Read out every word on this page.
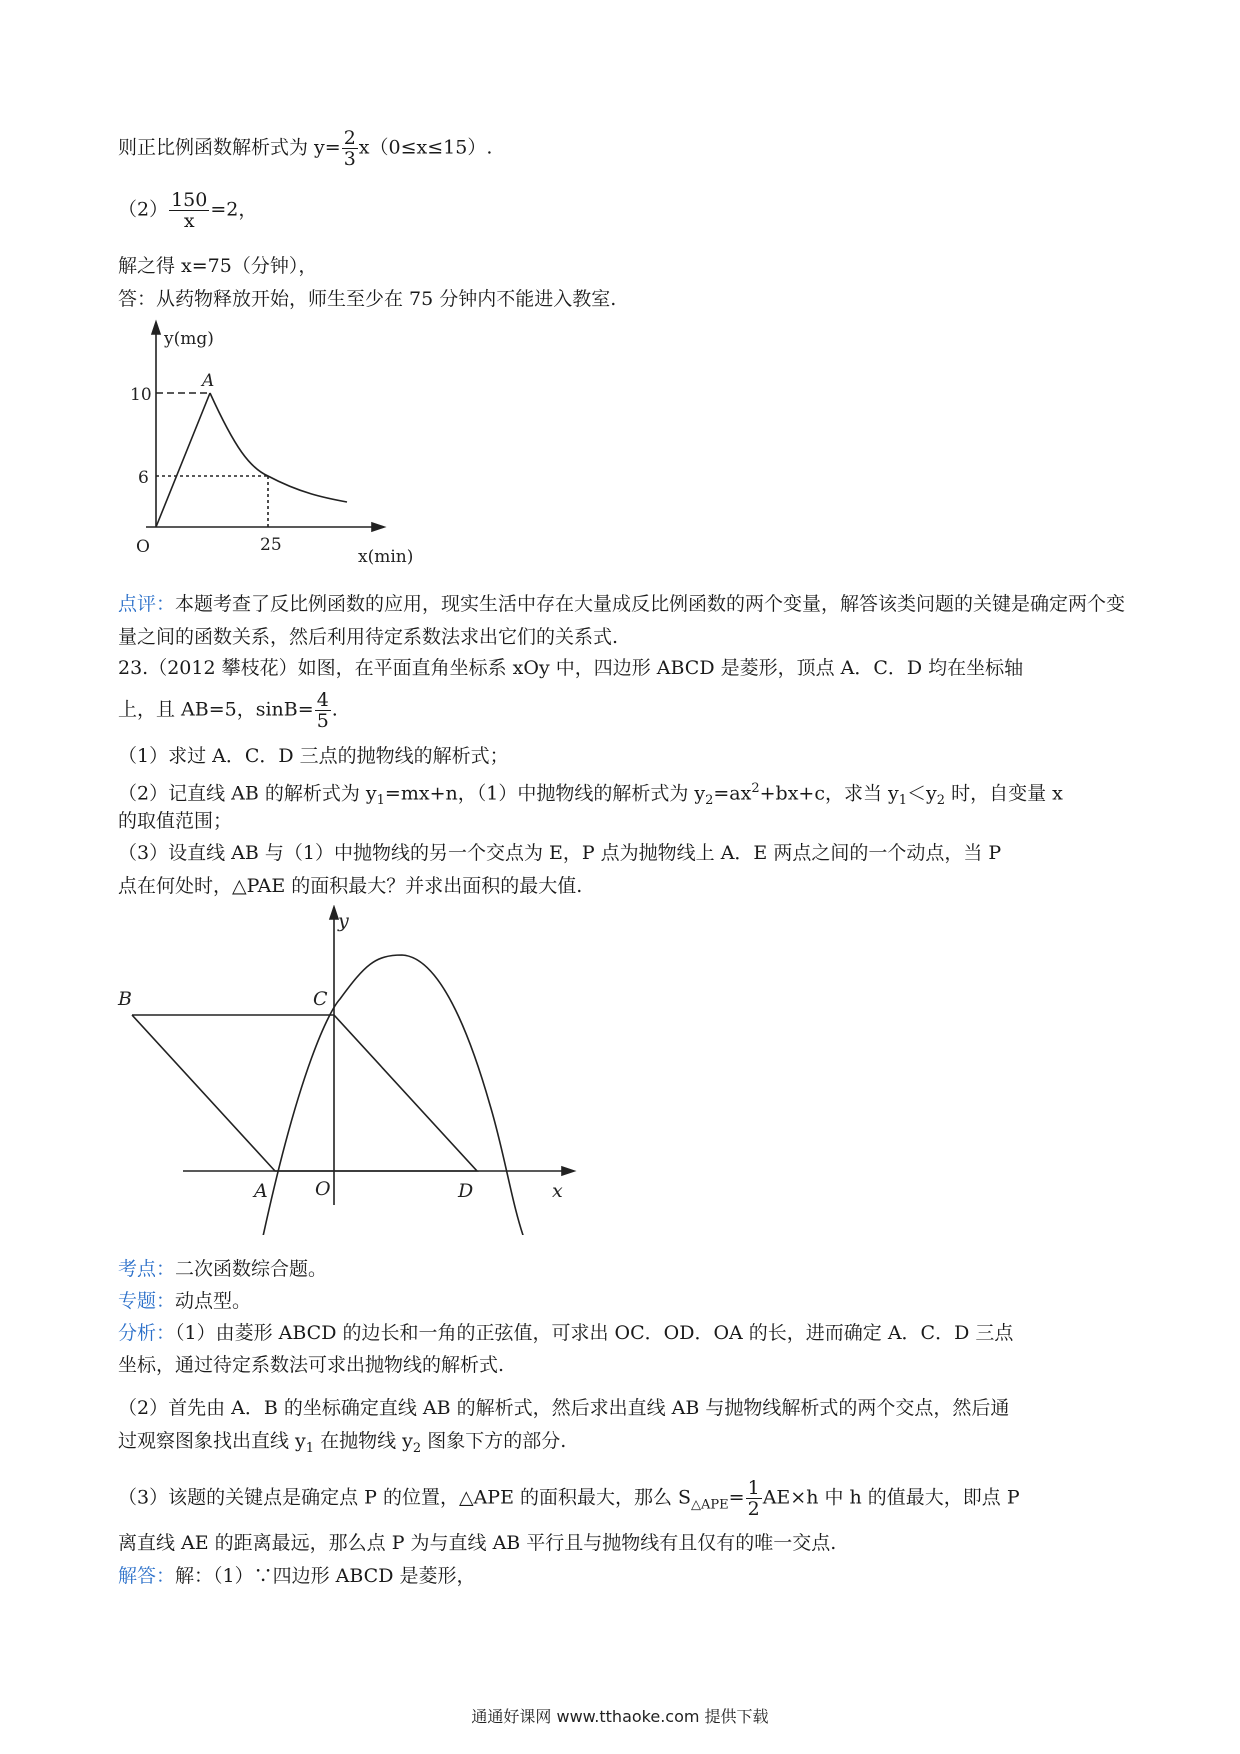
则正比例函数解析式为 $y= \frac{2}{3} x(0\le x\le 15)$.
$(2) \frac{150}{x} =2$，
解之得 x=75（分钟），
答：从药物释放开始，师生至少在 75 分钟内不能进入教室.
y(mg)
x(min)
O
A
10
6
25
点评：本题考查了反比例函数的应用，现实生活中存在大量成反比例函数的两个变量，解答该类问题的关键是确定两个变量之间的函数关系，然后利用待定系数法求出它们的关系式.
23.（2012 攀枝花）如图，在平面直角坐标系 xOy 中，四边形 ABCD 是菱形，顶点 A．C．D 均在坐标轴
上，且 AB=5，$\sin B= \frac{4}{5}$ .
（1）求过 A．C．D 三点的抛物线的解析式；
（2）记直线 AB 的解析式为 $y_1=mx+n$，（1）中抛物线的解析式为 $y_2=ax^2+bx+c$，求当 $y_1<y_2$ 时，自变量 x
的取值范围；
（3）设直线 AB 与（1）中抛物线的另一个交点为 E，P 点为抛物线上 A．E 两点之间的一个动点，当 P
点在何处时，△PAE 的面积最大？并求出面积的最大值.
y
x
B	C
A O	D
考点：二次函数综合题。
专题：动点型。
分析：（1）由菱形 ABCD 的边长和一角的正弦值，可求出 OC．OD．OA 的长，进而确定 A．C．D 三点
坐标，通过待定系数法可求出抛物线的解析式.
（2）首先由 A．B 的坐标确定直线 AB 的解析式，然后求出直线 AB 与抛物线解析式的两个交点，然后通
过观察图象找出直线 $y_1$ 在抛物线 $y_2$ 图象下方的部分.
（3）该题的关键点是确定点 P 的位置，△APE 的面积最大，那么 $S_{\triangle APE}= \frac{1}{2} AE\times h$ 中 h 的值最大，即点 P
离直线 AE 的距离最远，那么点 P 为与直线 AB 平行且与抛物线有且仅有的唯一交点.
解答：解：（1）∵四边形 ABCD 是菱形，
通通好课网 www.tthaoke.com 提供下载
